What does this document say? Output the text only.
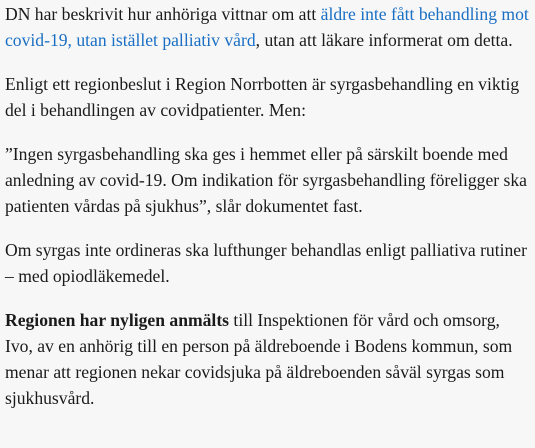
DN har beskrivit hur anhöriga vittnar om att äldre inte fått behandling mot covid-19, utan istället palliativ vård, utan att läkare informerat om detta.

Enligt ett regionbeslut i Region Norrbotten är syrgasbehandling en viktig del i behandlingen av covidpatienter. Men:

”Ingen syrgasbehandling ska ges i hemmet eller på särskilt boende med anledning av covid-19. Om indikation för syrgasbehandling föreligger ska patienten vårdas på sjukhus”, slår dokumentet fast.

Om syrgas inte ordineras ska lufthunger behandlas enligt palliativa rutiner – med opiodläkemedel.

Regionen har nyligen anmälts till Inspektionen för vård och omsorg, Ivo, av en anhörig till en person på äldreboende i Bodens kommun, som menar att regionen nekar covidsjuka på äldreboenden såväl syrgas som sjukhusvård.
